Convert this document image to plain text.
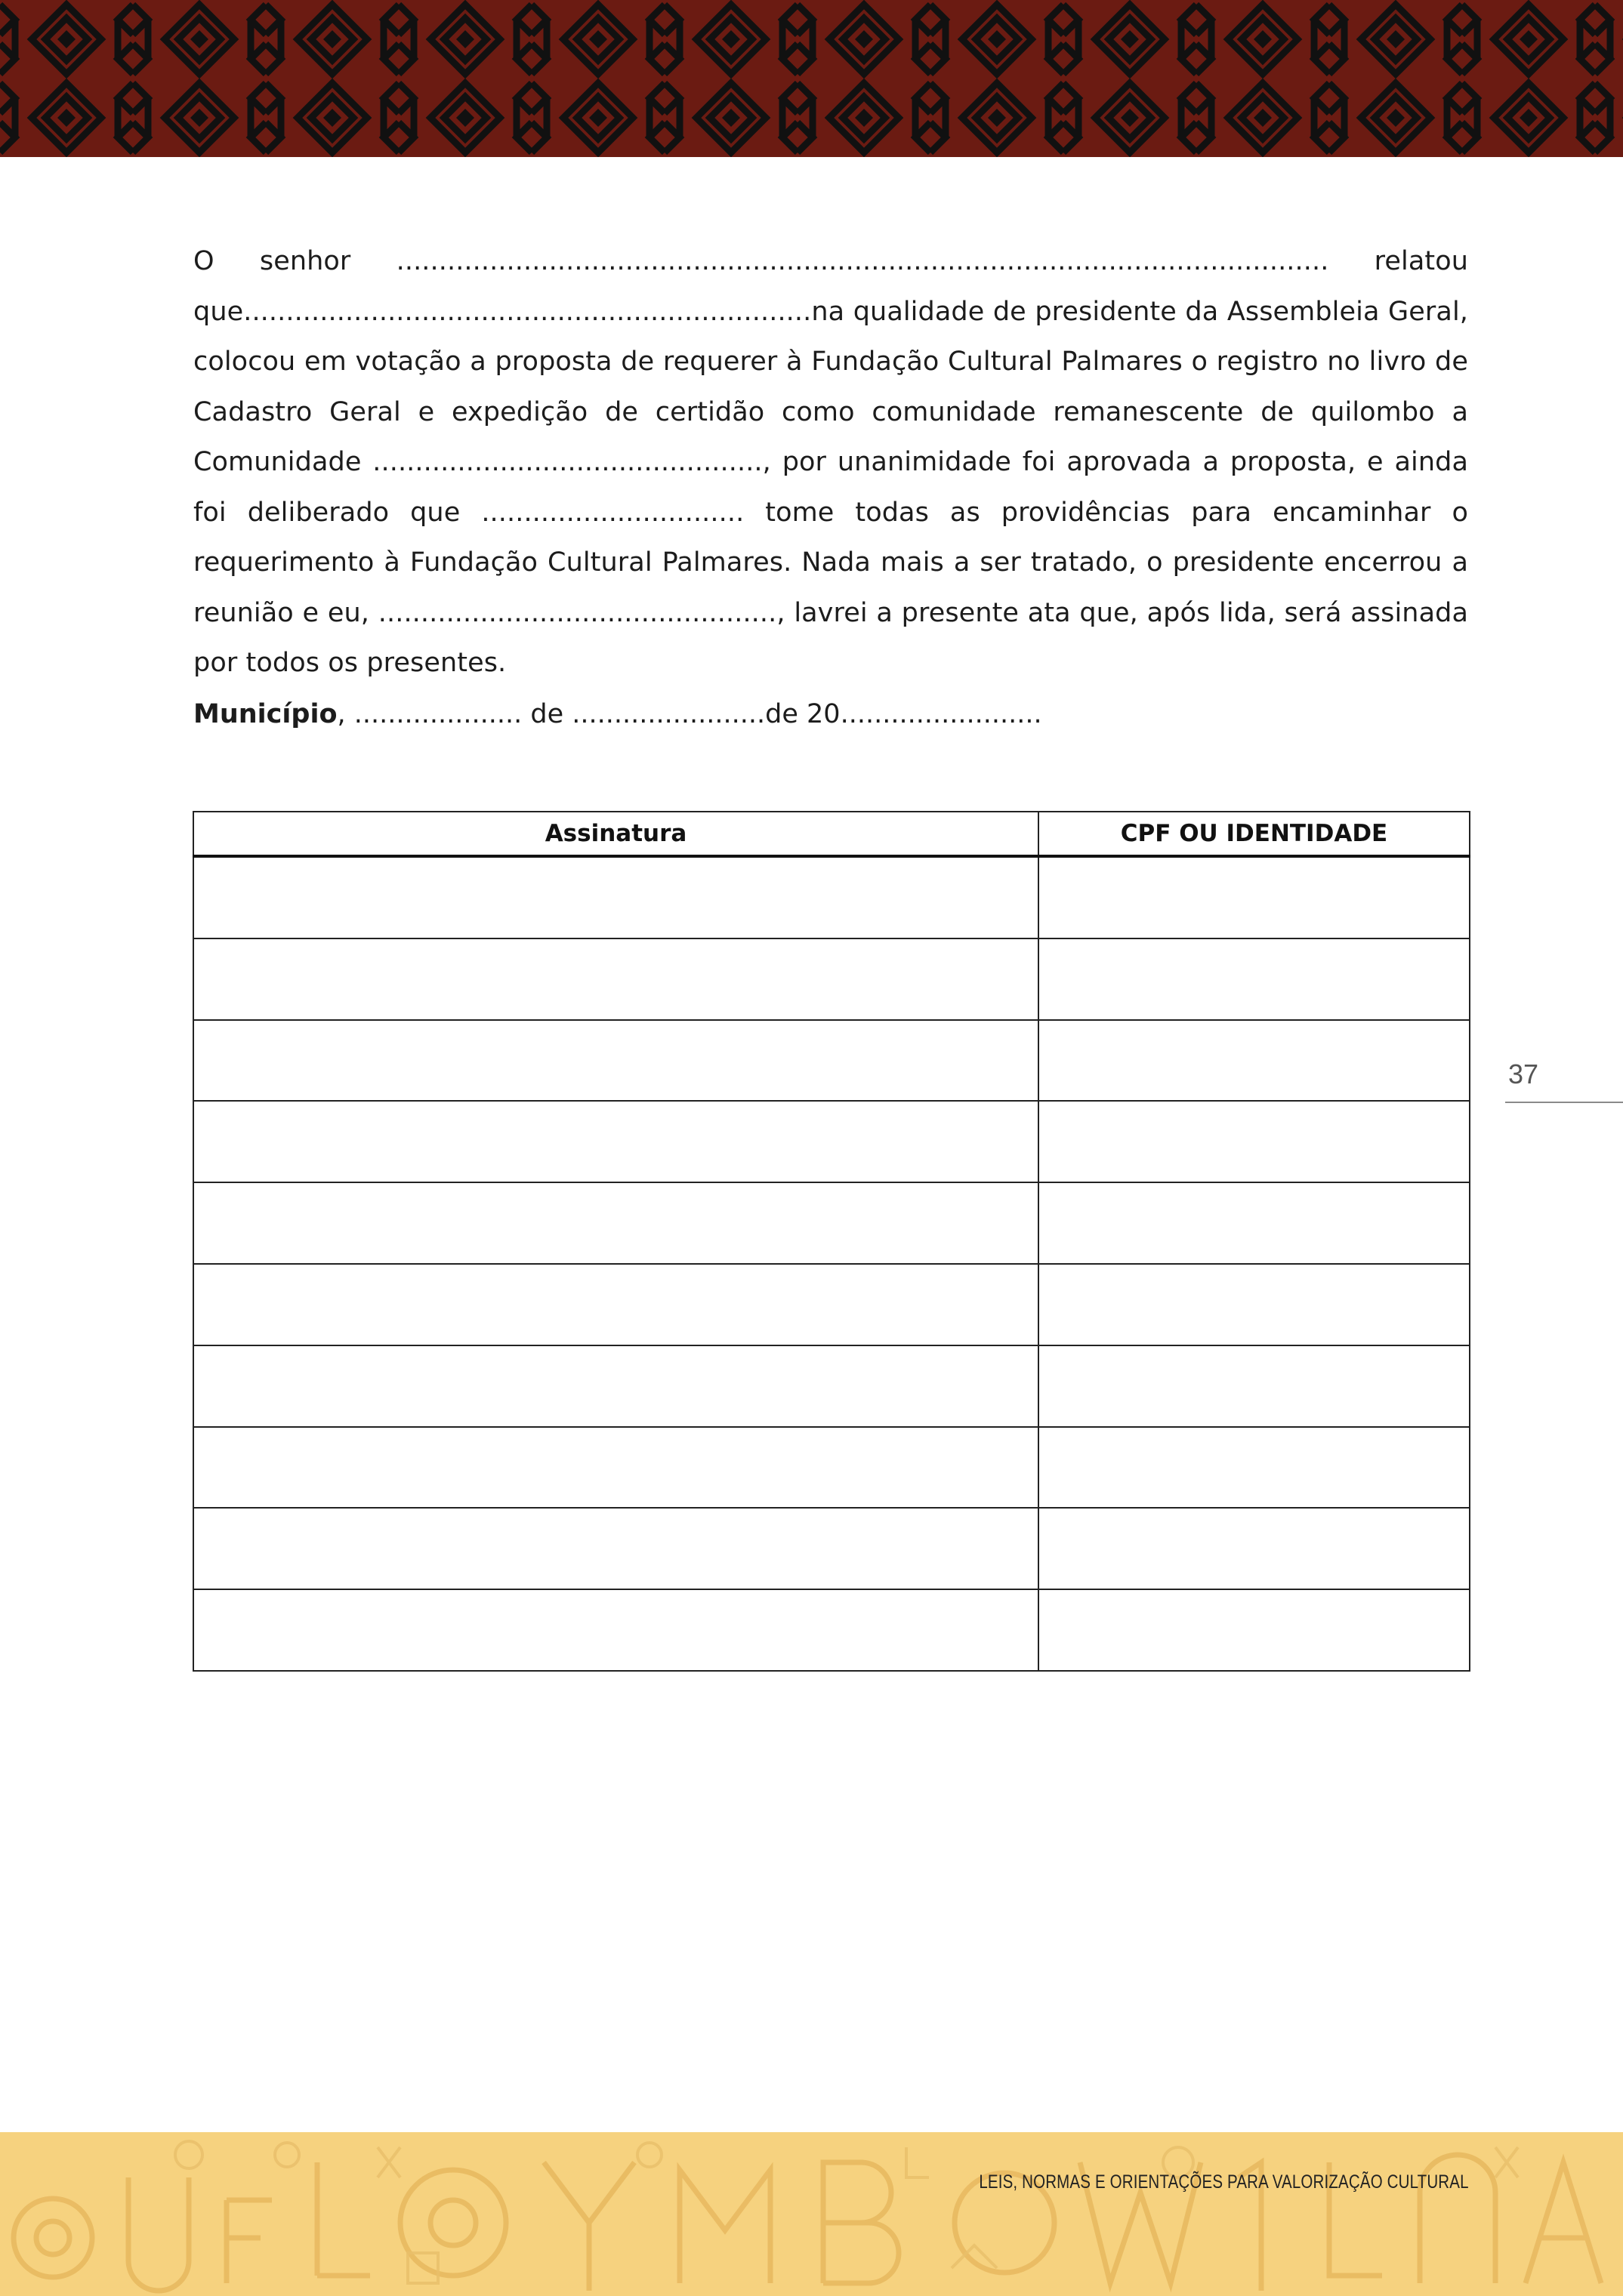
O senhor .............................................................................................................. relatou que...................................................................na qualidade de presidente da Assembleia Geral, colocou em votação a proposta de requerer à Fundação Cultural Palmares o registro no livro de Cadastro Geral e expedição de certidão como comunidade remanescente de quilombo a Comunidade .............................................., por unanimidade foi aprovada a proposta, e ainda foi deliberado que ............................... tome todas as providências para encaminhar o requerimento à Fundação Cultural Palmares. Nada mais a ser tratado, o presidente encerrou a reunião e eu, ..............................................., lavrei a presente ata que, após lida, será assinada por todos os presentes.

Município, .................... de .......................de 20........................
Assinatura	CPF OU IDENTIDADE

37
LEIS, NORMAS E ORIENTAÇÕES PARA VALORIZAÇÃO CULTURAL
